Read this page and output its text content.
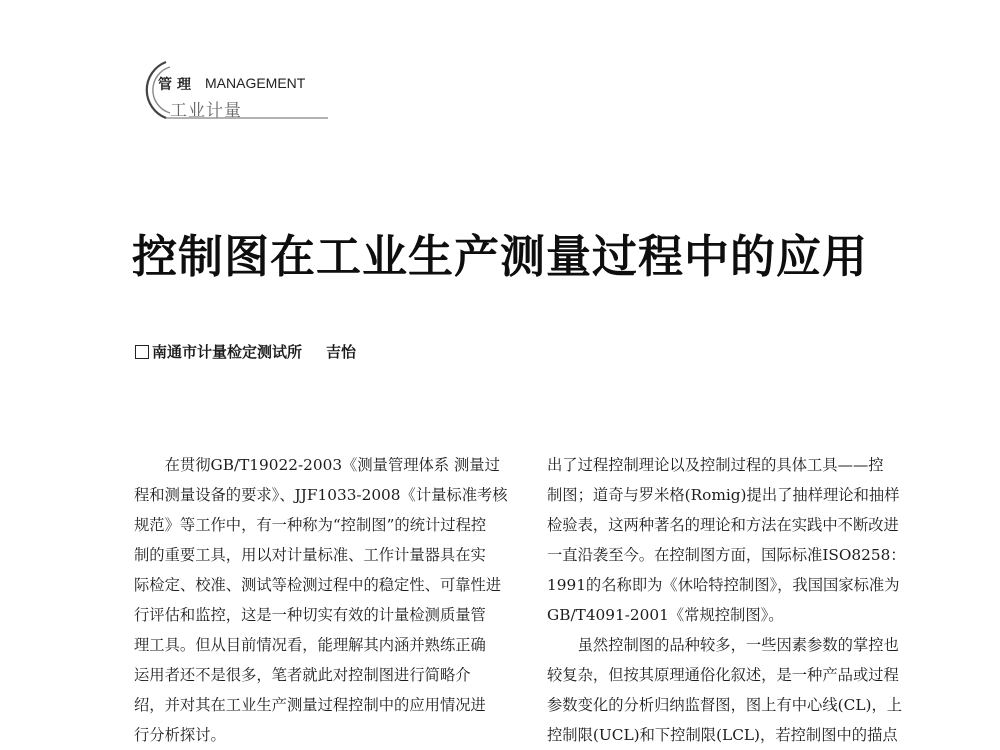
管理 MANAGEMENT
工业计量
控制图在工业生产测量过程中的应用
南通市计量检定测试所 吉怡
　　在贯彻GB/T19022-2003《测量管理体系 测量过
程和测量设备的要求》、JJF1033-2008《计量标准考核
规范》等工作中，有一种称为“控制图”的统计过程控
制的重要工具，用以对计量标准、工作计量器具在实
际检定、校准、测试等检测过程中的稳定性、可靠性进
行评估和监控，这是一种切实有效的计量检测质量管
理工具。但从目前情况看，能理解其内涵并熟练正确
运用者还不是很多，笔者就此对控制图进行简略介
绍，并对其在工业生产测量过程控制中的应用情况进
行分析探讨。
出了过程控制理论以及控制过程的具体工具——控
制图；道奇与罗米格(Romig)提出了抽样理论和抽样
检验表，这两种著名的理论和方法在实践中不断改进
一直沿袭至今。在控制图方面，国际标准ISO8258：
1991的名称即为《休哈特控制图》，我国国家标准为
GB/T4091-2001《常规控制图》。
　　虽然控制图的品种较多，一些因素参数的掌控也
较复杂，但按其原理通俗化叙述，是一种产品或过程
参数变化的分析归纳监督图，图上有中心线(CL)，上
控制限(UCL)和下控制限(LCL)，若控制图中的描点
